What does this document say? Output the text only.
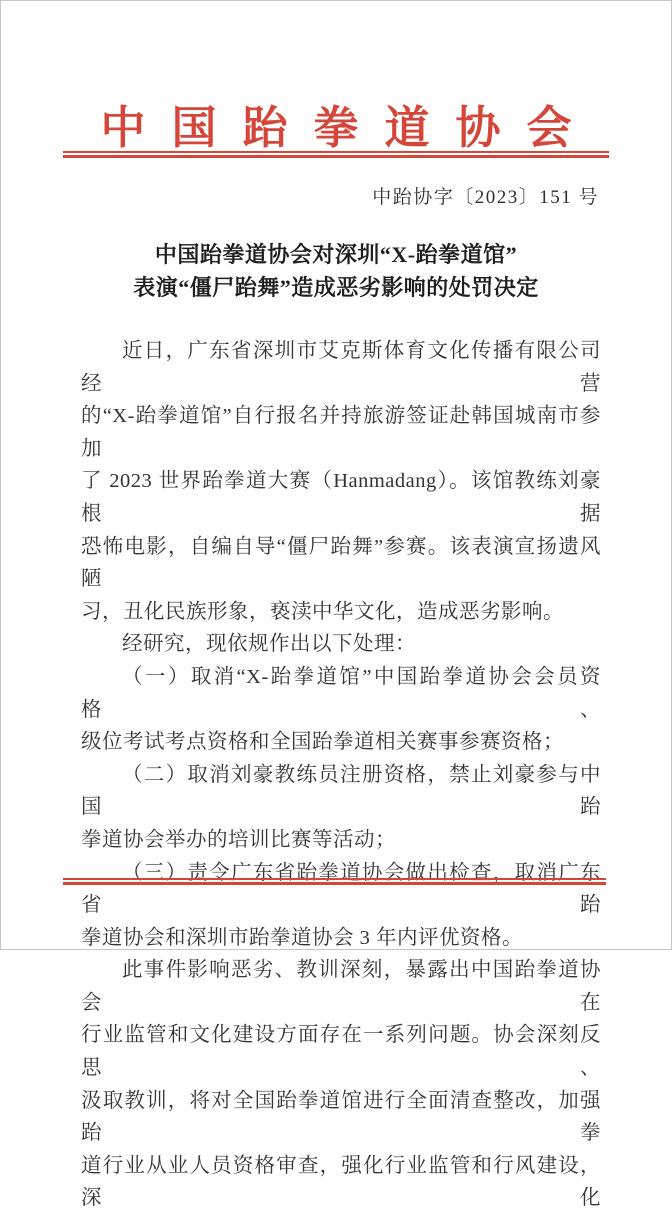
中国跆拳道协会
中跆协字〔2023〕151 号
中国跆拳道协会对深圳“X-跆拳道馆”
表演“僵尸跆舞”造成恶劣影响的处罚决定
近日，广东省深圳市艾克斯体育文化传播有限公司经营
的“X-跆拳道馆”自行报名并持旅游签证赴韩国城南市参加
了 2023 世界跆拳道大赛（Hanmadang）。该馆教练刘豪根据
恐怖电影，自编自导“僵尸跆舞”参赛。该表演宣扬遗风陋
习，丑化民族形象，亵渎中华文化，造成恶劣影响。
经研究，现依规作出以下处理：
（一）取消“X-跆拳道馆”中国跆拳道协会会员资格、
级位考试考点资格和全国跆拳道相关赛事参赛资格；
（二）取消刘豪教练员注册资格，禁止刘豪参与中国跆
拳道协会举办的培训比赛等活动；
（三）责令广东省跆拳道协会做出检查，取消广东省跆
拳道协会和深圳市跆拳道协会 3 年内评优资格。
此事件影响恶劣、教训深刻，暴露出中国跆拳道协会在
行业监管和文化建设方面存在一系列问题。协会深刻反思、
汲取教训，将对全国跆拳道馆进行全面清查整改，加强跆拳
道行业从业人员资格审查，强化行业监管和行风建设，深化
